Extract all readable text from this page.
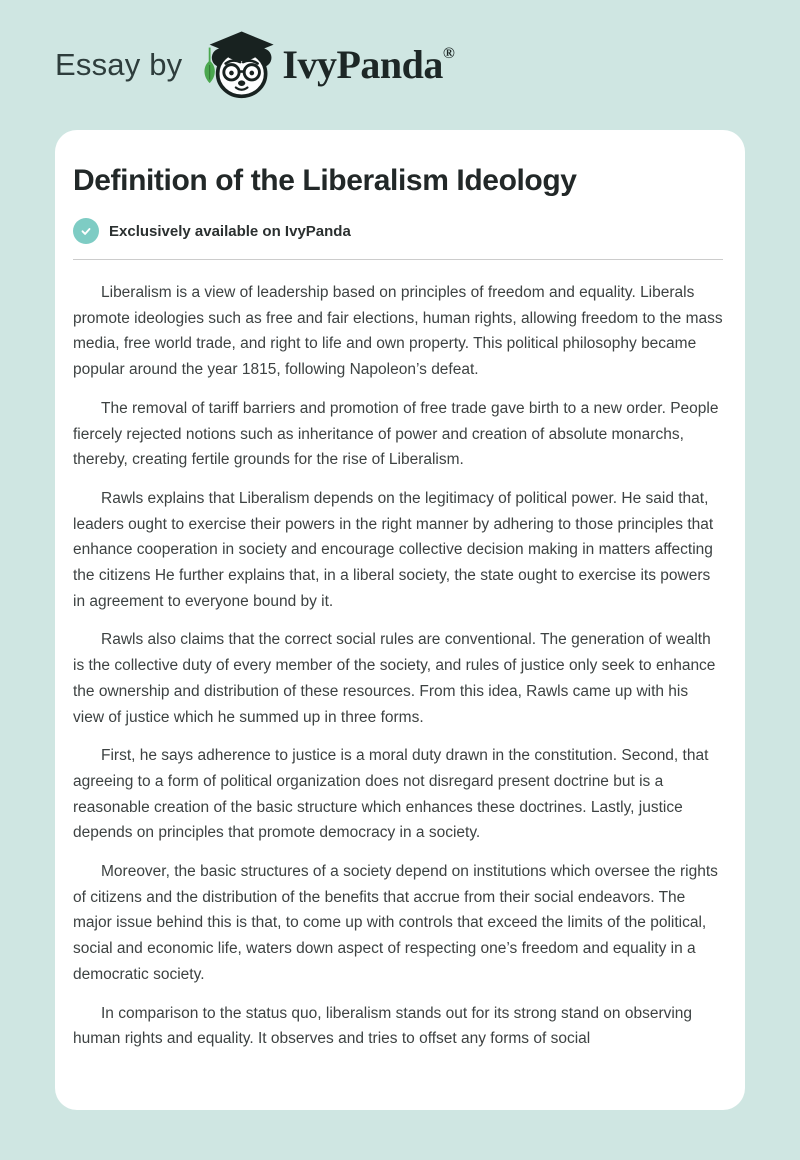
Essay by	IvyPanda®
Definition of the Liberalism Ideology
Exclusively available on IvyPanda

Liberalism is a view of leadership based on principles of freedom and equality. Liberals promote ideologies such as free and fair elections, human rights, allowing freedom to the mass media, free world trade, and right to life and own property. This political philosophy became popular around the year 1815, following Napoleon’s defeat.

The removal of tariff barriers and promotion of free trade gave birth to a new order. People fiercely rejected notions such as inheritance of power and creation of absolute monarchs, thereby, creating fertile grounds for the rise of Liberalism.

Rawls explains that Liberalism depends on the legitimacy of political power. He said that, leaders ought to exercise their powers in the right manner by adhering to those principles that enhance cooperation in society and encourage collective decision making in matters affecting the citizens He further explains that, in a liberal society, the state ought to exercise its powers in agreement to everyone bound by it.

Rawls also claims that the correct social rules are conventional. The generation of wealth is the collective duty of every member of the society, and rules of justice only seek to enhance the ownership and distribution of these resources. From this idea, Rawls came up with his view of justice which he summed up in three forms.

First, he says adherence to justice is a moral duty drawn in the constitution. Second, that agreeing to a form of political organization does not disregard present doctrine but is a reasonable creation of the basic structure which enhances these doctrines. Lastly, justice depends on principles that promote democracy in a society.

Moreover, the basic structures of a society depend on institutions which oversee the rights of citizens and the distribution of the benefits that accrue from their social endeavors. The major issue behind this is that, to come up with controls that exceed the limits of the political, social and economic life, waters down aspect of respecting one’s freedom and equality in a democratic society.

In comparison to the status quo, liberalism stands out for its strong stand on observing human rights and equality. It observes and tries to offset any forms of social
